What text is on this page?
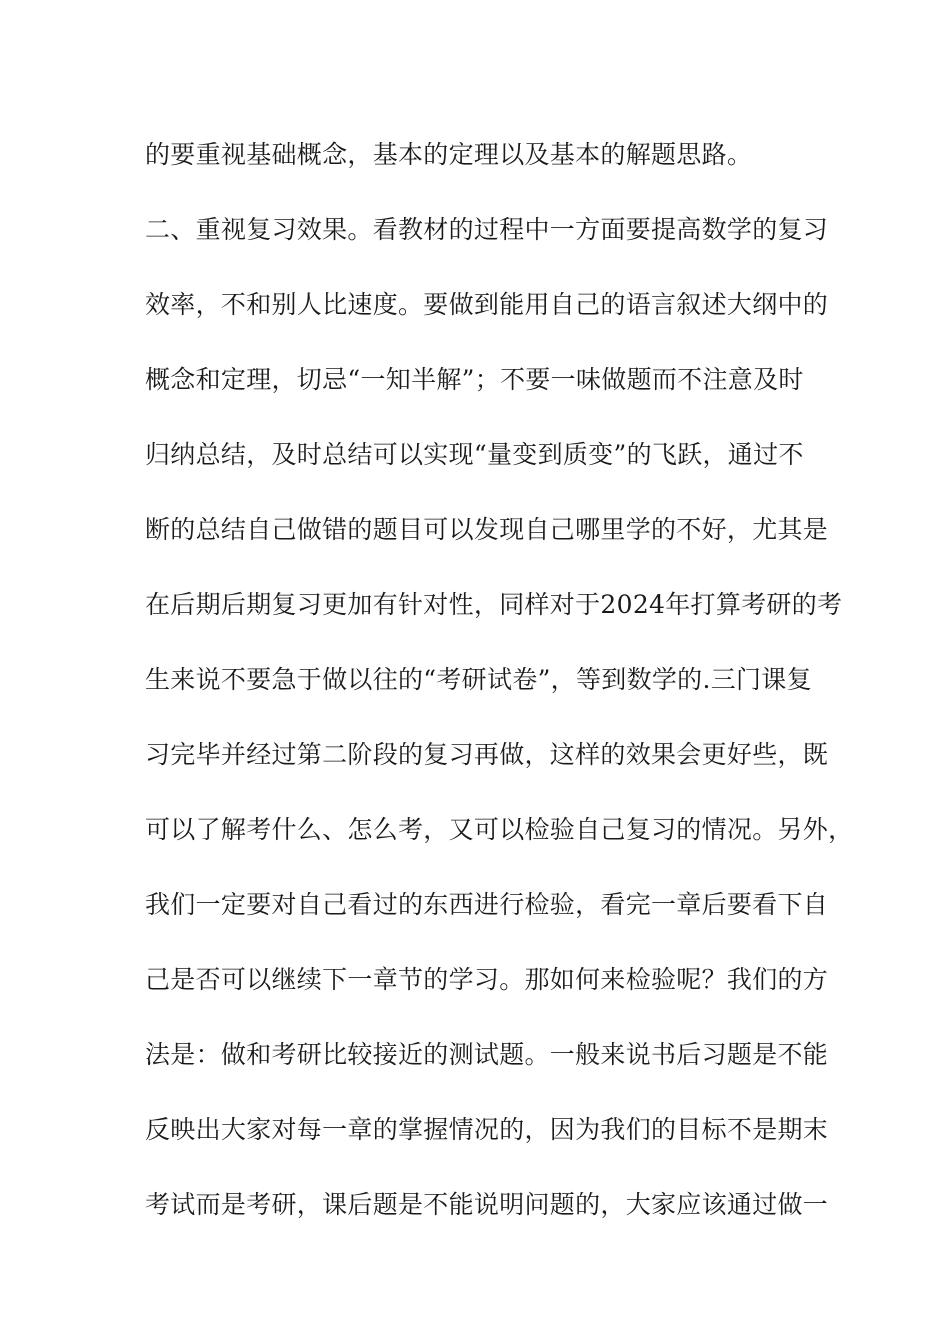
的要重视基础概念，基本的定理以及基本的解题思路。
二、重视复习效果。看教材的过程中一方面要提高数学的复习
效率，不和别人比速度。要做到能用自己的语言叙述大纲中的
概念和定理，切忌“一知半解”；不要一味做题而不注意及时
归纳总结，及时总结可以实现“量变到质变”的飞跃，通过不
断的总结自己做错的题目可以发现自己哪里学的不好，尤其是
在后期后期复习更加有针对性，同样对于2024年打算考研的考
生来说不要急于做以往的“考研试卷”，等到数学的.三门课复
习完毕并经过第二阶段的复习再做，这样的效果会更好些，既
可以了解考什么、怎么考，又可以检验自己复习的情况。另外，
我们一定要对自己看过的东西进行检验，看完一章后要看下自
己是否可以继续下一章节的学习。那如何来检验呢？我们的方
法是：做和考研比较接近的测试题。一般来说书后习题是不能
反映出大家对每一章的掌握情况的，因为我们的目标不是期末
考试而是考研，课后题是不能说明问题的，大家应该通过做一
